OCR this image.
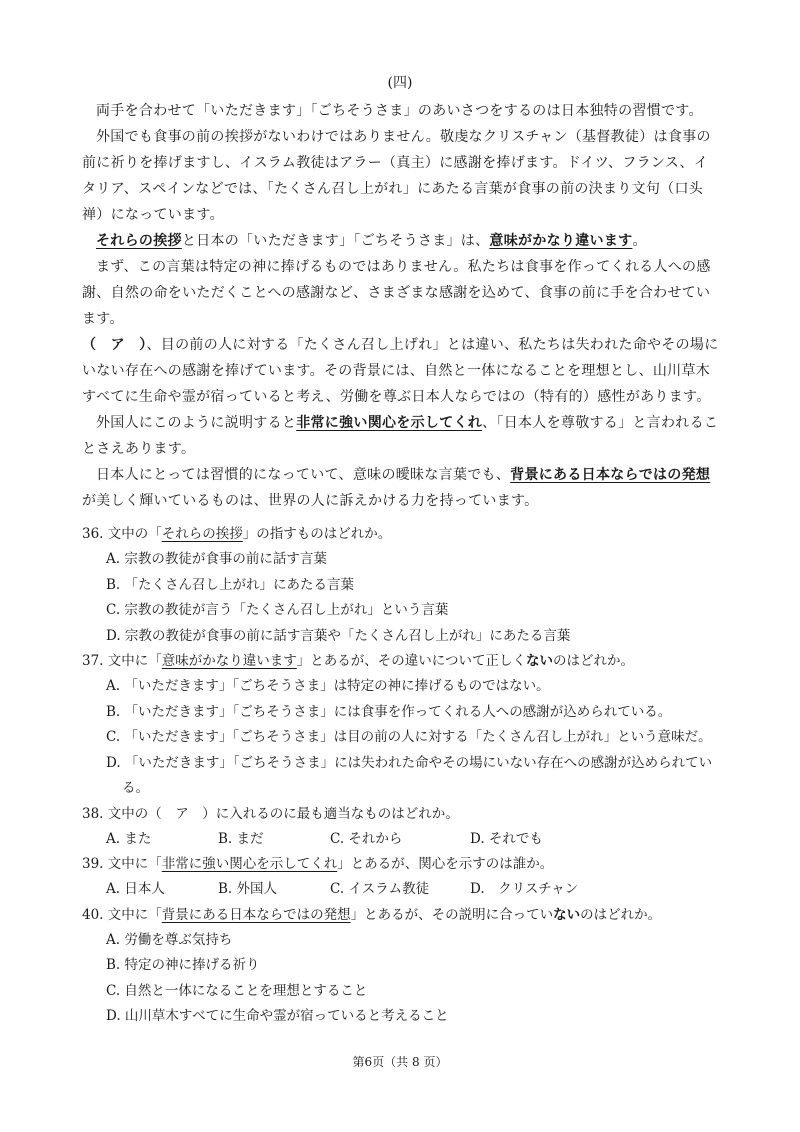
(四)

両手を合わせて「いただきます」「ごちそうさま」のあいさつをするのは日本独特の習慣です。

外国でも食事の前の挨拶がないわけではありません。敬虔なクリスチャン（基督教徒）は食事の前に祈りを捧げますし、イスラム教徒はアラー（真主）に感謝を捧げます。ドイツ、フランス、イタリア、スペインなどでは、「たくさん召し上がれ」にあたる言葉が食事の前の決まり文句（口头禅）になっています。

それらの挨拶と日本の「いただきます」「ごちそうさま」は、意味がかなり違います。

まず、この言葉は特定の神に捧げるものではありません。私たちは食事を作ってくれる人への感謝、自然の命をいただくことへの感謝など、さまざまな感謝を込めて、食事の前に手を合わせています。

（　ア　）、目の前の人に対する「たくさん召し上げれ」とは違い、私たちは失われた命やその場にいない存在への感謝を捧げています。その背景には、自然と一体になることを理想とし、山川草木すべてに生命や霊が宿っていると考え、労働を尊ぶ日本人ならではの（特有的）感性があります。

外国人にこのように説明すると非常に強い関心を示してくれ、「日本人を尊敬する」と言われることさえあります。

日本人にとっては習慣的になっていて、意味の曖昧な言葉でも、背景にある日本ならではの発想が美しく輝いているものは、世界の人に訴えかける力を持っています。

36. 文中の「それらの挨拶」の指すものはどれか。

A. 宗教の教徒が食事の前に話す言葉

B. 「たくさん召し上がれ」にあたる言葉

C. 宗教の教徒が言う「たくさん召し上がれ」という言葉

D. 宗教の教徒が食事の前に話す言葉や「たくさん召し上がれ」にあたる言葉

37. 文中に「意味がかなり違います」とあるが、その違いについて正しくないのはどれか。

A. 「いただきます」「ごちそうさま」は特定の神に捧げるものではない。

B. 「いただきます」「ごちそうさま」には食事を作ってくれる人への感謝が込められている。

C. 「いただきます」「ごちそうさま」は目の前の人に対する「たくさん召し上がれ」という意味だ。

D. 「いただきます」「ごちそうさま」には失われた命やその場にいない存在への感謝が込められている。

38. 文中の（　ア　）に入れるのに最も適当なものはどれか。

A. また	B. まだ	C. それから	D. それでも

39. 文中に「非常に強い関心を示してくれ」とあるが、関心を示すのは誰か。

A. 日本人	B. 外国人	C. イスラム教徒	D.　クリスチャン

40. 文中に「背景にある日本ならではの発想」とあるが、その説明に合っていないのはどれか。

A. 労働を尊ぶ気持ち

B. 特定の神に捧げる祈り

C. 自然と一体になることを理想とすること

D. 山川草木すべてに生命や霊が宿っていると考えること

第6页（共 8 页）
